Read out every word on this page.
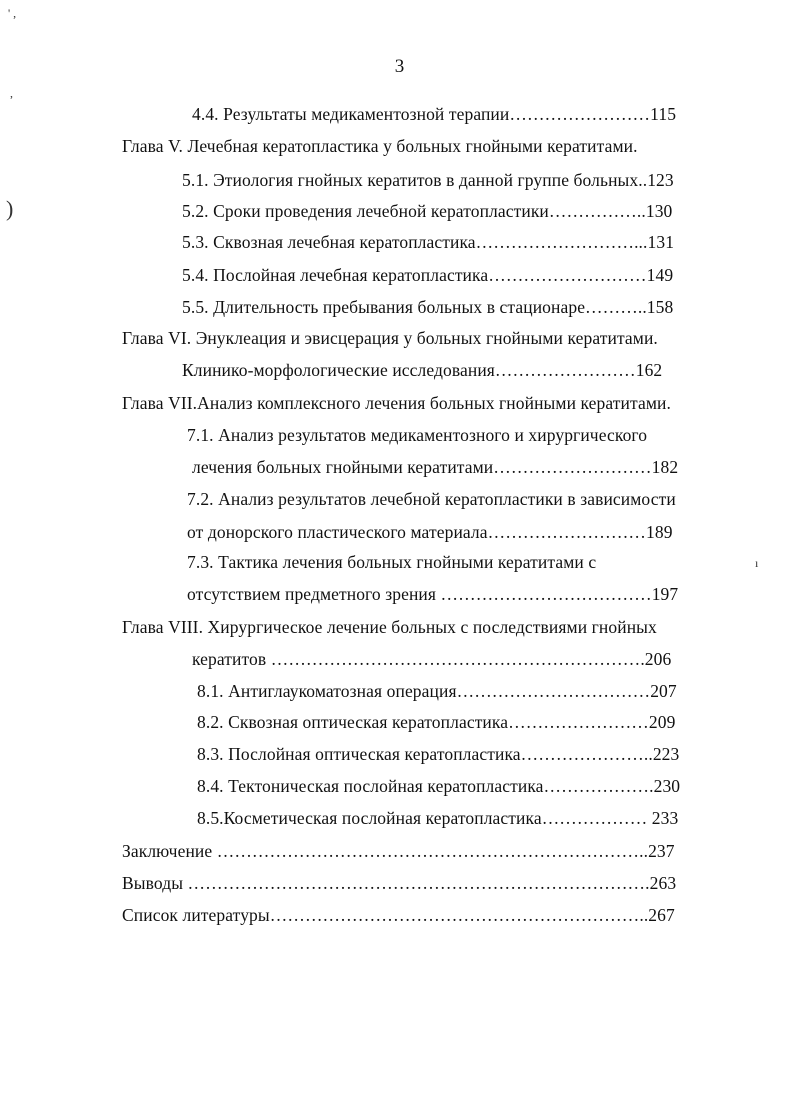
' ,
,
)
ı
3
4.4. Результаты медикаментозной терапии……………………115
Глава V. Лечебная кератопластика у больных гнойными кератитами.
5.1. Этиология гнойных кератитов в данной группе больных..123
5.2. Сроки проведения лечебной кератопластики……………..130
5.3. Сквозная лечебная кератопластика………………………...131
5.4. Послойная лечебная кератопластика………………………149
5.5. Длительность пребывания больных в стационаре………..158
Глава VI. Энуклеация и эвисцерация у больных гнойными кератитами.
Клинико-морфологические исследования……………………162
Глава VII.Анализ комплексного лечения больных гнойными кератитами.
7.1. Анализ результатов медикаментозного и хирургического
лечения больных гнойными кератитами………………………182
7.2. Анализ результатов лечебной кератопластики в зависимости
от донорского пластического материала………………………189
7.3. Тактика лечения больных гнойными кератитами с
отсутствием предметного зрения ………………………………197
Глава VIII. Хирургическое лечение больных с последствиями гнойных
кератитов ……………………………………………………….206
8.1. Антиглаукоматозная операция……………………………207
8.2. Сквозная оптическая кератопластика……………………209
8.3. Послойная оптическая кератопластика…………………..223
8.4. Тектоническая послойная кератопластика……………….230
8.5.Косметическая послойная кератопластика……………… 233
Заключение ………………………………………………………………..237
Выводы …………………………………………………………………….263
Список литературы………………………………………………………..267
